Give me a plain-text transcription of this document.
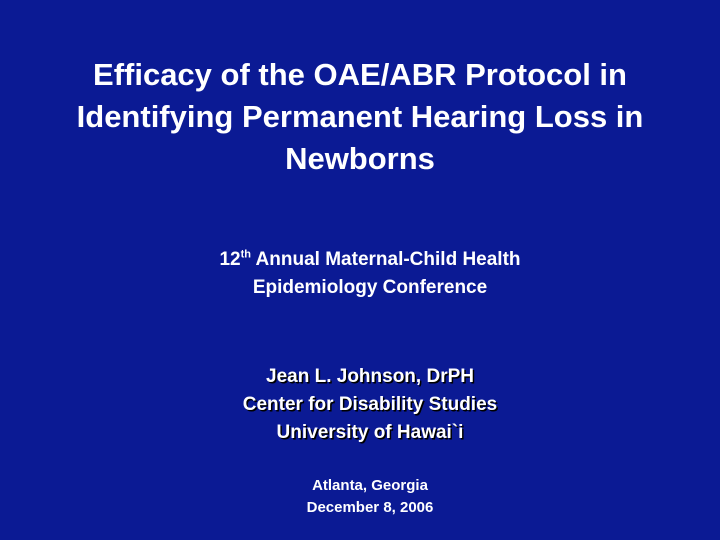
Efficacy of the OAE/ABR Protocol in
Identifying Permanent Hearing Loss in
Newborns
12th Annual Maternal-Child Health
Epidemiology Conference
Jean L. Johnson, DrPH
Center for Disability Studies
University of Hawai`i
Atlanta, Georgia
December 8, 2006
